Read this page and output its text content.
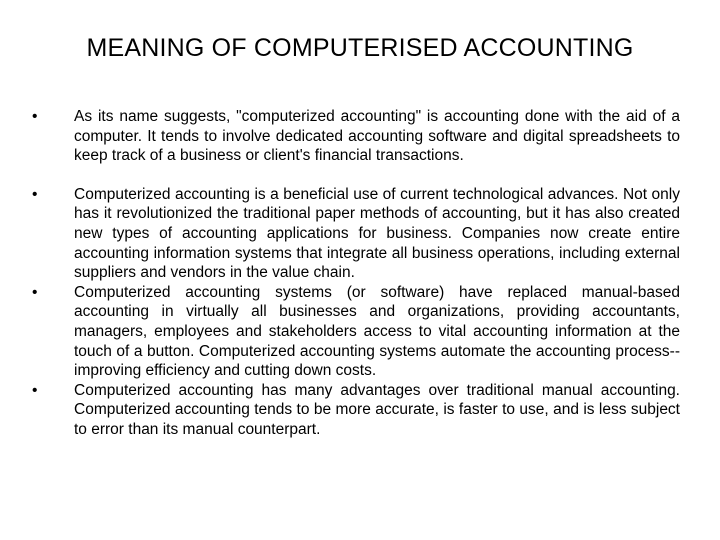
MEANING OF COMPUTERISED ACCOUNTING
•	As its name suggests, "computerized accounting" is accounting done with the aid of a computer. It tends to involve dedicated accounting software and digital spreadsheets to keep track of a business or client's financial transactions.
•	Computerized accounting is a beneficial use of current technological advances. Not only has it revolutionized the traditional paper methods of accounting, but it has also created new types of accounting applications for business. Companies now create entire accounting information systems that integrate all business operations, including external suppliers and vendors in the value chain.
•	Computerized accounting systems (or software) have replaced manual-based accounting in virtually all businesses and organizations, providing accountants, managers, employees and stakeholders access to vital accounting information at the touch of a button. Computerized accounting systems automate the accounting process--improving efficiency and cutting down costs.
•	Computerized accounting has many advantages over traditional manual accounting. Computerized accounting tends to be more accurate, is faster to use, and is less subject to error than its manual counterpart.
